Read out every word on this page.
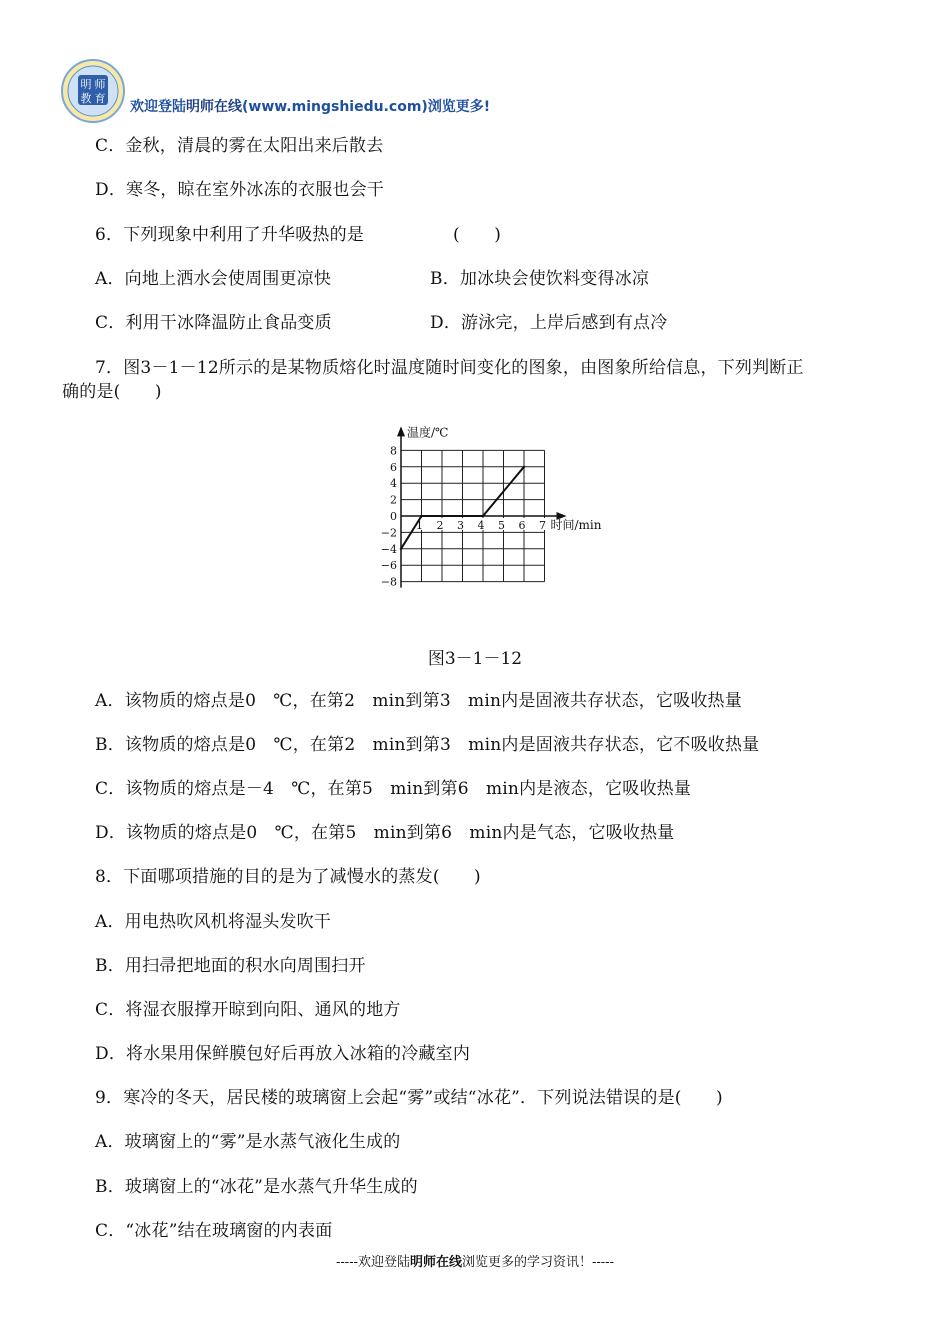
明 师
教 育
欢迎登陆明师在线(www.mingshiedu.com)浏览更多!
C．金秋，清晨的雾在太阳出来后散去
D．寒冬，晾在室外冰冻的衣服也会干
6．下列现象中利用了升华吸热的是	(　　)
A．向地上洒水会使周围更凉快	B．加冰块会使饮料变得冰凉
C．利用干冰降温防止食品变质	D．游泳完，上岸后感到有点冷
7．图3－1－12所示的是某物质熔化时温度随时间变化的图象，由图象所给信息，下列判断正
确的是(　　)
8
6
4
2
0
−2
−4
−6
−8
1 2 3 4 5 6 7
温度/℃
时间/min
图3－1－12
A．该物质的熔点是0　℃，在第2　min到第3　min内是固液共存状态，它吸收热量
B．该物质的熔点是0　℃，在第2　min到第3　min内是固液共存状态，它不吸收热量
C．该物质的熔点是－4　℃，在第5　min到第6　min内是液态，它吸收热量
D．该物质的熔点是0　℃，在第5　min到第6　min内是气态，它吸收热量
8．下面哪项措施的目的是为了减慢水的蒸发(　　)
A．用电热吹风机将湿头发吹干
B．用扫帚把地面的积水向周围扫开
C．将湿衣服撑开晾到向阳、通风的地方
D．将水果用保鲜膜包好后再放入冰箱的冷藏室内
9．寒冷的冬天，居民楼的玻璃窗上会起“雾”或结“冰花”．下列说法错误的是(　　)
A．玻璃窗上的“雾”是水蒸气液化生成的
B．玻璃窗上的“冰花”是水蒸气升华生成的
C．“冰花”结在玻璃窗的内表面
-----欢迎登陆明师在线浏览更多的学习资讯！-----
